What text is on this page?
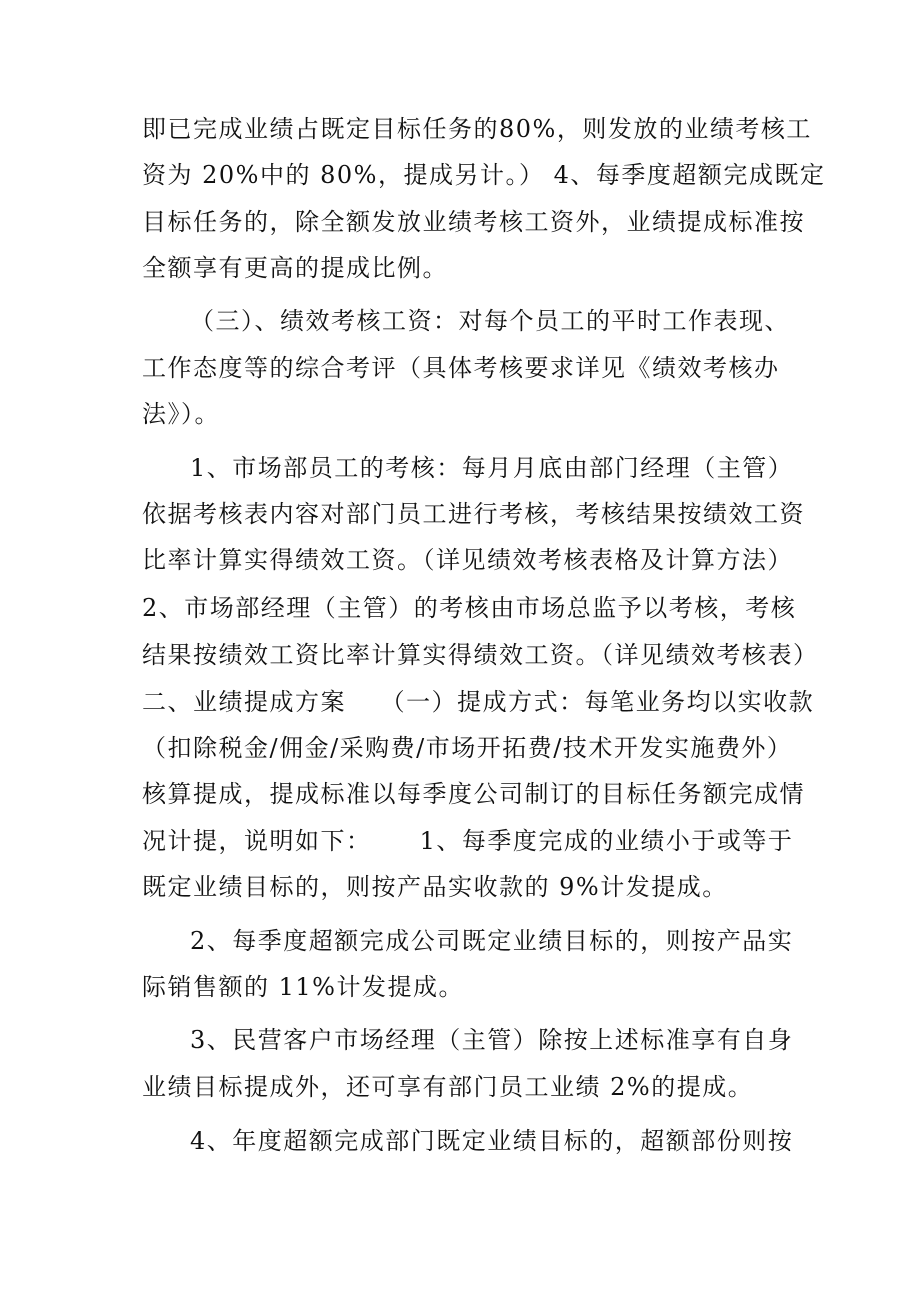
即已完成业绩占既定目标任务的80%，则发放的业绩考核工
资为 20%中的 80%，提成另计。） 4、每季度超额完成既定
目标任务的，除全额发放业绩考核工资外，业绩提成标准按
全额享有更高的提成比例。
（三）、绩效考核工资：对每个员工的平时工作表现、
工作态度等的综合考评（具体考核要求详见《绩效考核办
法》）。
1、市场部员工的考核：每月月底由部门经理（主管）
依据考核表内容对部门员工进行考核，考核结果按绩效工资
比率计算实得绩效工资。（详见绩效考核表格及计算方法）
2、市场部经理（主管）的考核由市场总监予以考核，考核
结果按绩效工资比率计算实得绩效工资。（详见绩效考核表）
二、业绩提成方案　 （一）提成方式：每笔业务均以实收款
（扣除税金/佣金/采购费/市场开拓费/技术开发实施费外）
核算提成，提成标准以每季度公司制订的目标任务额完成情
况计提，说明如下：　　 1、每季度完成的业绩小于或等于
既定业绩目标的，则按产品实收款的 9%计发提成。
2、每季度超额完成公司既定业绩目标的，则按产品实
际销售额的 11%计发提成。
3、民营客户市场经理（主管）除按上述标准享有自身
业绩目标提成外，还可享有部门员工业绩 2%的提成。
4、年度超额完成部门既定业绩目标的，超额部份则按
